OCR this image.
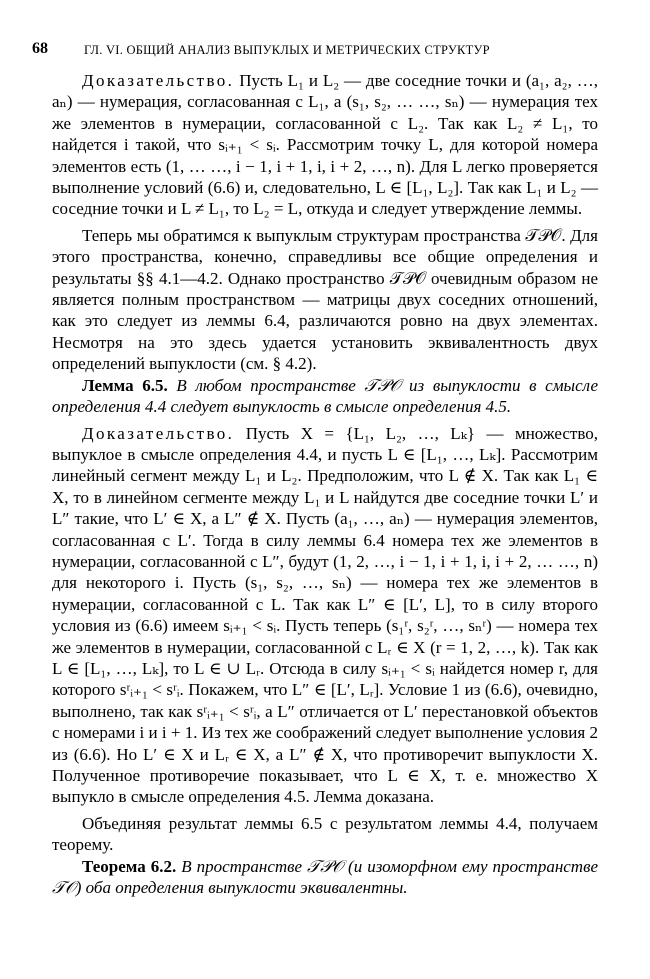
68	ГЛ. VI. ОБЩИЙ АНАЛИЗ ВЫПУКЛЫХ И МЕТРИЧЕСКИХ СТРУКТУР

Доказательство. Пусть L₁ и L₂ — две соседние точки и (a₁, a₂, …, aₙ) — нумерация, согласованная с L₁, а (s₁, s₂, … …, sₙ) — нумерация тех же элементов в нумерации, согласованной с L₂. Так как L₂ ≠ L₁, то найдется i такой, что sᵢ₊₁ < sᵢ. Рассмотрим точку L, для которой номера элементов есть (1, … …, i − 1, i + 1, i, i + 2, …, n). Для L легко проверяется выполнение условий (6.6) и, следовательно, L ∈ [L₁, L₂]. Так как L₁ и L₂ — соседние точки и L ≠ L₁, то L₂ = L, откуда и следует утверждение леммы.

Теперь мы обратимся к выпуклым структурам пространства 𝒯𝒫𝒪. Для этого пространства, конечно, справедливы все общие определения и результаты §§ 4.1—4.2. Однако пространство 𝒯𝒫𝒪 очевидным образом не является полным пространством — матрицы двух соседних отношений, как это следует из леммы 6.4, различаются ровно на двух элементах. Несмотря на это здесь удается установить эквивалентность двух определений выпуклости (см. § 4.2).

Лемма 6.5. В любом пространстве 𝒯𝒫𝒪 из выпуклости в смысле определения 4.4 следует выпуклость в смысле определения 4.5.

Доказательство. Пусть X = {L₁, L₂, …, Lₖ} — множество, выпуклое в смысле определения 4.4, и пусть L ∈ [L₁, …, Lₖ]. Рассмотрим линейный сегмент между L₁ и L₂. Предположим, что L ∉ X. Так как L₁ ∈ X, то в линейном сегменте между L₁ и L найдутся две соседние точки L′ и L″ такие, что L′ ∈ X, а L″ ∉ X. Пусть (a₁, …, aₙ) — нумерация элементов, согласованная с L′. Тогда в силу леммы 6.4 номера тех же элементов в нумерации, согласованной с L″, будут (1, 2, …, i − 1, i + 1, i, i + 2, … …, n) для некоторого i. Пусть (s₁, s₂, …, sₙ) — номера тех же элементов в нумерации, согласованной с L. Так как L″ ∈ [L′, L], то в силу второго условия из (6.6) имеем sᵢ₊₁ < sᵢ. Пусть теперь (s₁ʳ, s₂ʳ, …, sₙʳ) — номера тех же элементов в нумерации, согласованной с Lᵣ ∈ X (r = 1, 2, …, k). Так как L ∈ [L₁, …, Lₖ], то L ∈ ∪ Lᵣ. Отсюда в силу sᵢ₊₁ < sᵢ найдется номер r, для которого sʳᵢ₊₁ < sʳᵢ. Покажем, что L″ ∈ [L′, Lᵣ]. Условие 1 из (6.6), очевидно, выполнено, так как sʳᵢ₊₁ < sʳᵢ, а L″ отличается от L′ перестановкой объектов с номерами i и i + 1. Из тех же соображений следует выполнение условия 2 из (6.6). Но L′ ∈ X и Lᵣ ∈ X, а L″ ∉ X, что противоречит выпуклости X. Полученное противоречие показывает, что L ∈ X, т. е. множество X выпукло в смысле определения 4.5. Лемма доказана.

Объединяя результат леммы 6.5 с результатом леммы 4.4, получаем теорему.

Теорема 6.2. В пространстве 𝒯𝒫𝒪 (и изоморфном ему пространстве 𝒯𝒪) оба определения выпуклости эквивалентны.
